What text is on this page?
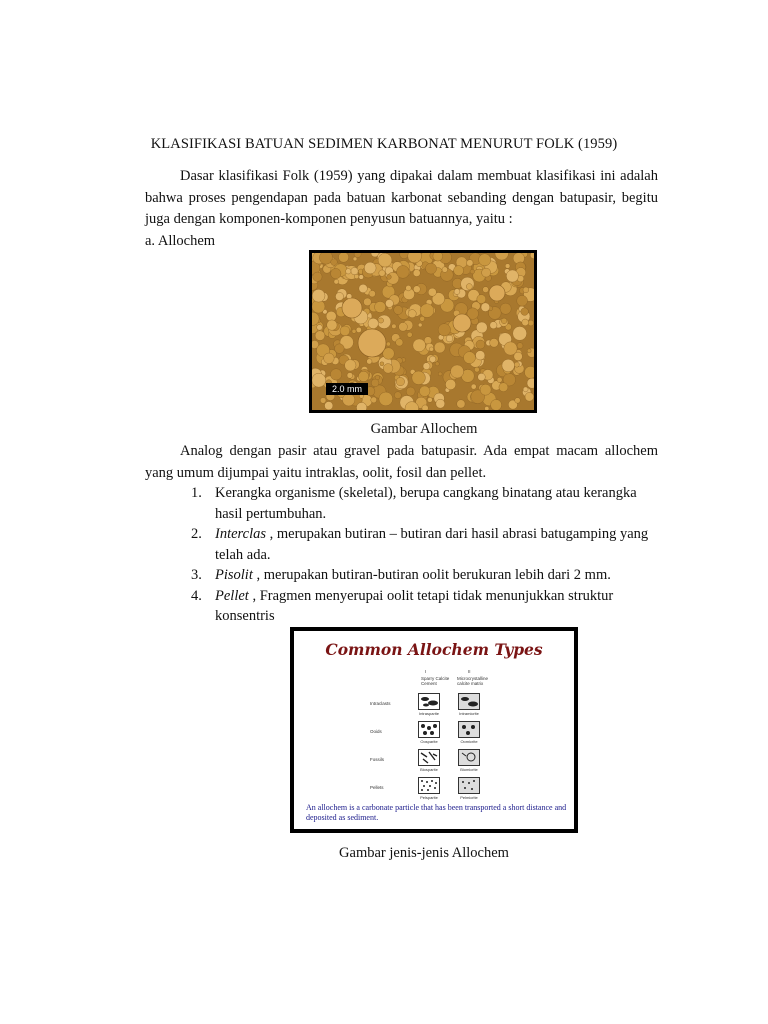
KLASIFIKASI BATUAN SEDIMEN KARBONAT MENURUT FOLK (1959)

Dasar klasifikasi Folk (1959) yang dipakai dalam membuat klasifikasi ini adalah bahwa proses pengendapan pada batuan karbonat sebanding dengan batupasir, begitu juga dengan komponen-komponen penyusun batuannya, yaitu :
a. Allochem

2.0 mm
Gambar Allochem

Analog dengan pasir atau gravel pada batupasir. Ada empat macam allochem yang umum dijumpai yaitu intraklas, oolit, fosil dan pellet.

1. Kerangka organisme (skeletal), berupa cangkang binatang atau kerangka hasil pertumbuhan.
2. Interclas , merupakan butiran – butiran dari hasil abrasi batugamping yang telah ada.
3. Pisolit , merupakan butiran-butiran oolit berukuran lebih dari 2 mm.
4. Pellet , Fragmen menyerupai oolit tetapi tidak menunjukkan struktur konsentris
Common Allochem Types
I	II
Sparry Calcite Cement
Microcrystalline calcite matrix
Intraclasts
Intrasparite	Intramicrite
Ooids
Oosparite	Oomicrite
Fossils
Biosparite	Biomicrite
Pellets
Pelsparite	Pelmicrite
An allochem is a carbonate particle that has been transported a short distance and deposited as sediment.
Gambar jenis-jenis Allochem
